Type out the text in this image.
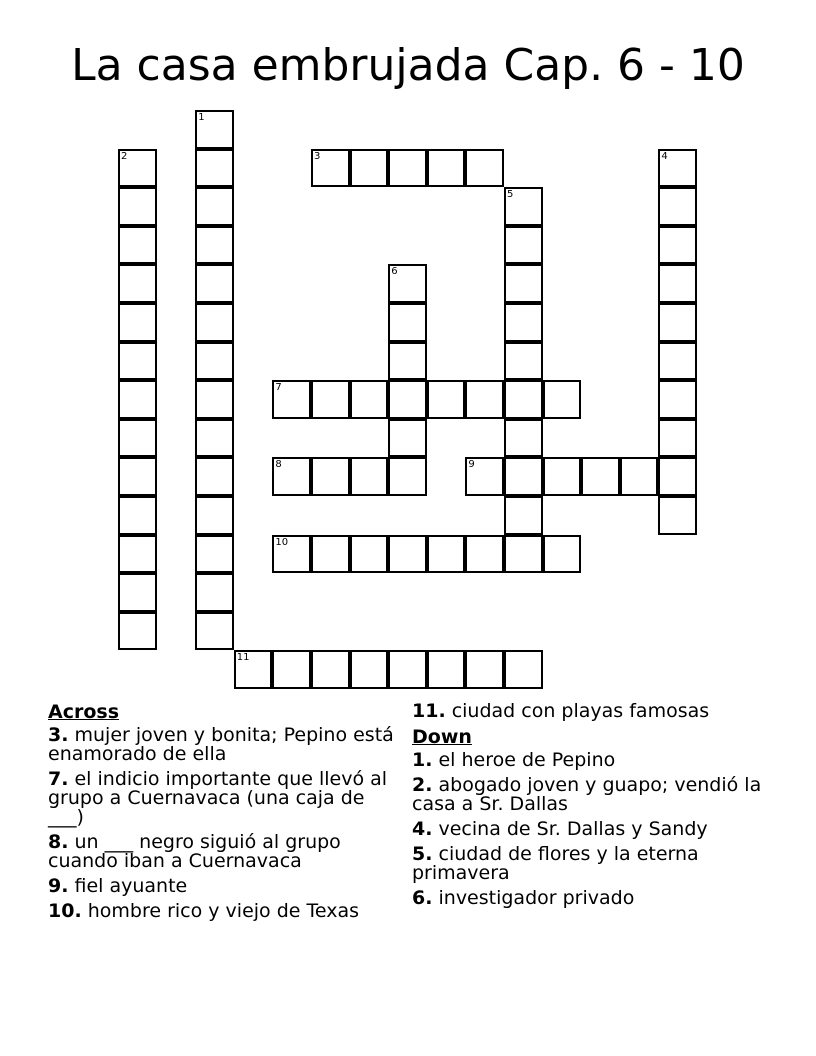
La casa embrujada Cap. 6 - 10
1
2	3	4
5
6
7
8	9
10
11
Across
3. mujer joven y bonita; Pepino está enamorado de ella
7. el indicio importante que llevó al grupo a Cuernavaca (una caja de ___)
8. un ___ negro siguió al grupo cuando iban a Cuernavaca
9. fiel ayuante
10. hombre rico y viejo de Texas
11. ciudad con playas famosas
Down
1. el heroe de Pepino
2. abogado joven y guapo; vendió la casa a Sr. Dallas
4. vecina de Sr. Dallas y Sandy
5. ciudad de flores y la eterna primavera
6. investigador privado
